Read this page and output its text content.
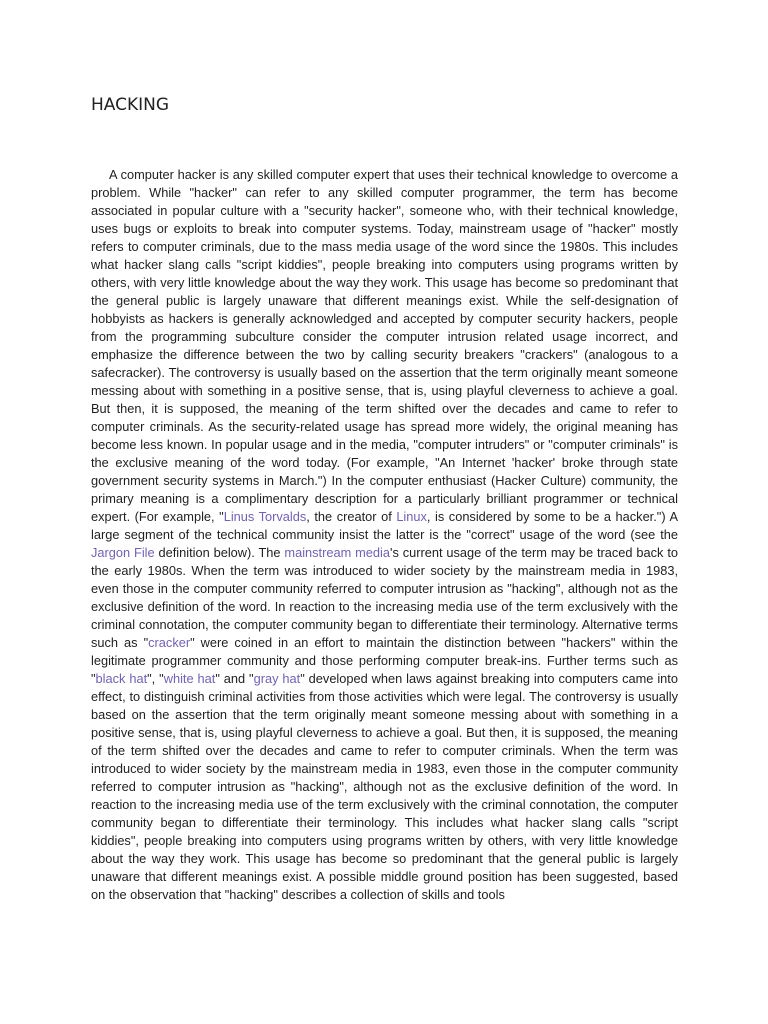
HACKING

A computer hacker is any skilled computer expert that uses their technical knowledge to overcome a problem. While "hacker" can refer to any skilled computer programmer, the term has become associated in popular culture with a "security hacker", someone who, with their technical knowledge, uses bugs or exploits to break into computer systems. Today, mainstream usage of "hacker" mostly refers to computer criminals, due to the mass media usage of the word since the 1980s. This includes what hacker slang calls "script kiddies", people breaking into computers using programs written by others, with very little knowledge about the way they work. This usage has become so predominant that the general public is largely unaware that different meanings exist. While the self-designation of hobbyists as hackers is generally acknowledged and accepted by computer security hackers, people from the programming subculture consider the computer intrusion related usage incorrect, and emphasize the difference between the two by calling security breakers "crackers" (analogous to a safecracker). The controversy is usually based on the assertion that the term originally meant someone messing about with something in a positive sense, that is, using playful cleverness to achieve a goal. But then, it is supposed, the meaning of the term shifted over the decades and came to refer to computer criminals. As the security-related usage has spread more widely, the original meaning has become less known. In popular usage and in the media, "computer intruders" or "computer criminals" is the exclusive meaning of the word today. (For example, "An Internet 'hacker' broke through state government security systems in March.") In the computer enthusiast (Hacker Culture) community, the primary meaning is a complimentary description for a particularly brilliant programmer or technical expert. (For example, "Linus Torvalds, the creator of Linux, is considered by some to be a hacker.") A large segment of the technical community insist the latter is the "correct" usage of the word (see the Jargon File definition below). The mainstream media's current usage of the term may be traced back to the early 1980s. When the term was introduced to wider society by the mainstream media in 1983, even those in the computer community referred to computer intrusion as "hacking", although not as the exclusive definition of the word. In reaction to the increasing media use of the term exclusively with the criminal connotation, the computer community began to differentiate their terminology. Alternative terms such as "cracker" were coined in an effort to maintain the distinction between "hackers" within the legitimate programmer community and those performing computer break-ins. Further terms such as "black hat", "white hat" and "gray hat" developed when laws against breaking into computers came into effect, to distinguish criminal activities from those activities which were legal. The controversy is usually based on the assertion that the term originally meant someone messing about with something in a positive sense, that is, using playful cleverness to achieve a goal. But then, it is supposed, the meaning of the term shifted over the decades and came to refer to computer criminals. When the term was introduced to wider society by the mainstream media in 1983, even those in the computer community referred to computer intrusion as "hacking", although not as the exclusive definition of the word. In reaction to the increasing media use of the term exclusively with the criminal connotation, the computer community began to differentiate their terminology. This includes what hacker slang calls "script kiddies", people breaking into computers using programs written by others, with very little knowledge about the way they work. This usage has become so predominant that the general public is largely unaware that different meanings exist. A possible middle ground position has been suggested, based on the observation that "hacking" describes a collection of skills and tools
